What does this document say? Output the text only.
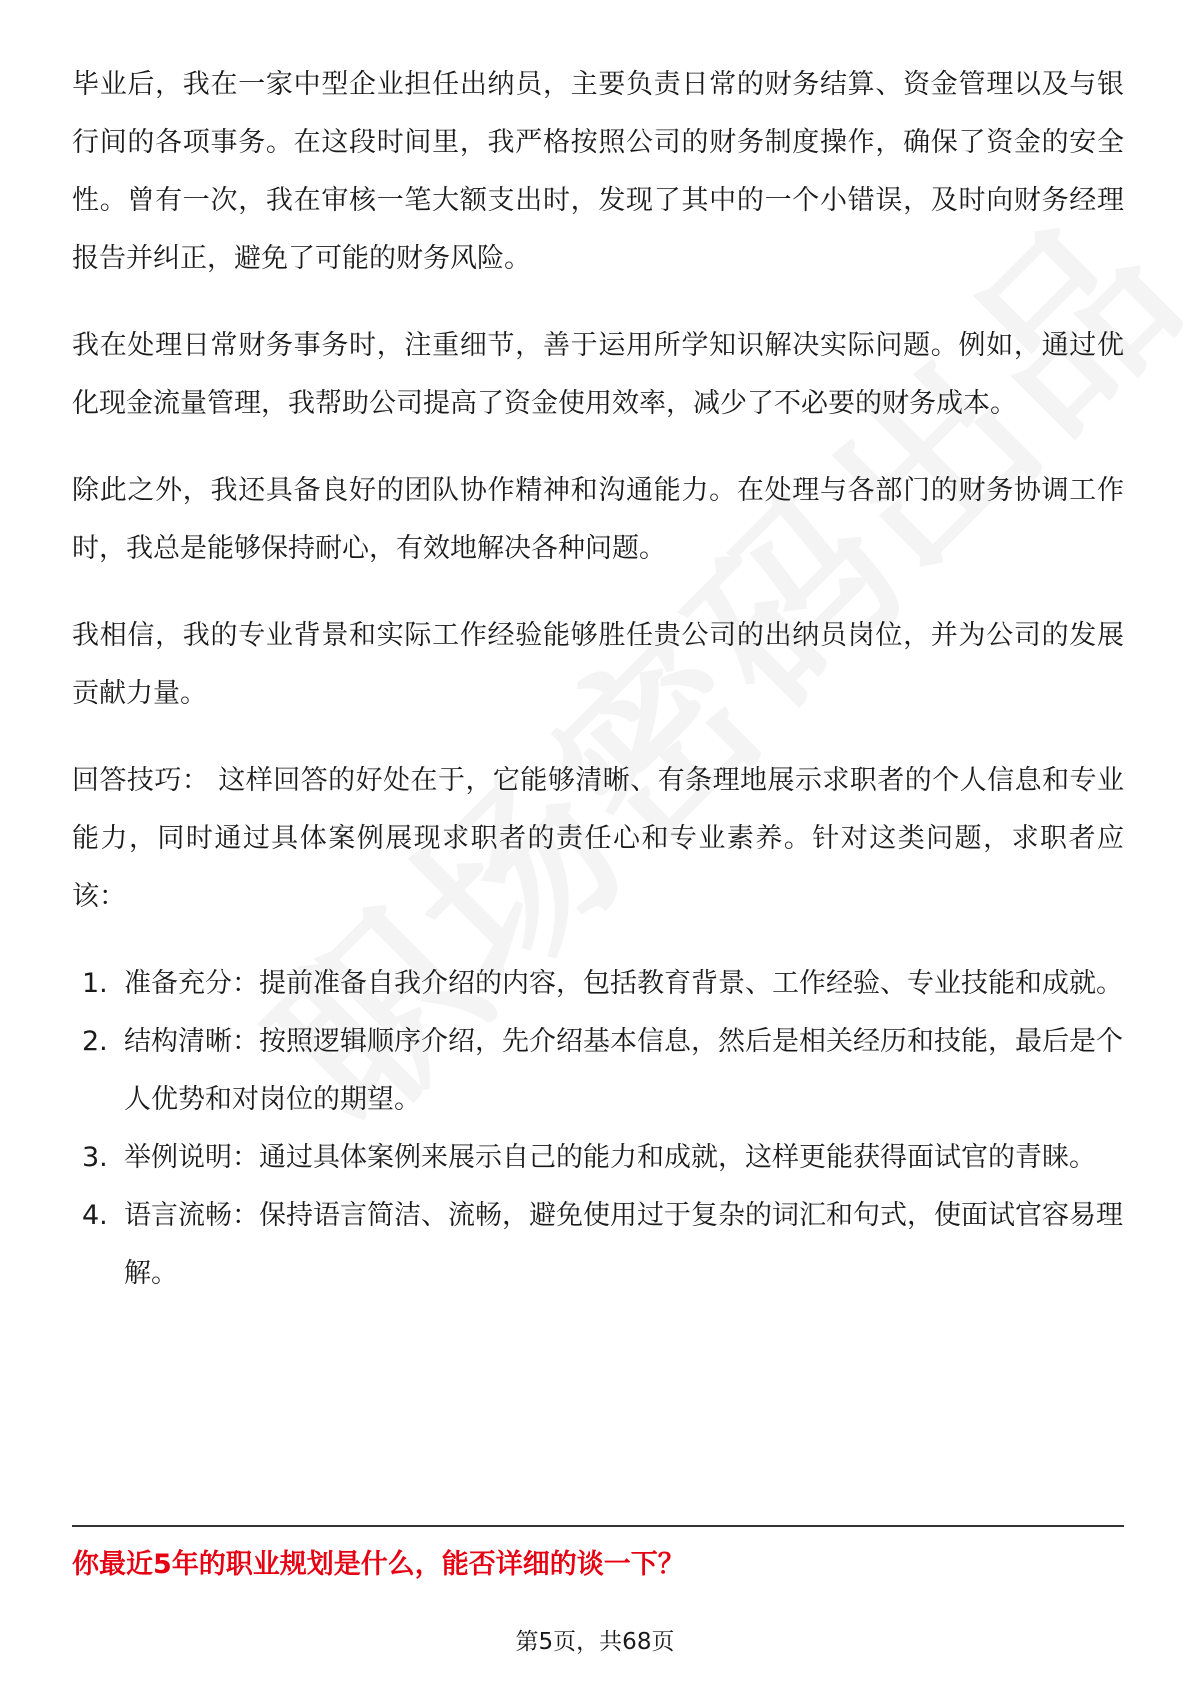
毕业后，我在一家中型企业担任出纳员，主要负责日常的财务结算、资金管理以及与银行间的各项事务。在这段时间里，我严格按照公司的财务制度操作，确保了资金的安全性。曾有一次，我在审核一笔大额支出时，发现了其中的一个小错误，及时向财务经理报告并纠正，避免了可能的财务风险。

我在处理日常财务事务时，注重细节，善于运用所学知识解决实际问题。例如，通过优化现金流量管理，我帮助公司提高了资金使用效率，减少了不必要的财务成本。

除此之外，我还具备良好的团队协作精神和沟通能力。在处理与各部门的财务协调工作时，我总是能够保持耐心，有效地解决各种问题。

我相信，我的专业背景和实际工作经验能够胜任贵公司的出纳员岗位，并为公司的发展贡献力量。

回答技巧： 这样回答的好处在于，它能够清晰、有条理地展示求职者的个人信息和专业能力，同时通过具体案例展现求职者的责任心和专业素养。针对这类问题，求职者应该：

1. 准备充分：提前准备自我介绍的内容，包括教育背景、工作经验、专业技能和成就。
2. 结构清晰：按照逻辑顺序介绍，先介绍基本信息，然后是相关经历和技能，最后是个人优势和对岗位的期望。
3. 举例说明：通过具体案例来展示自己的能力和成就，这样更能获得面试官的青睐。
4. 语言流畅：保持语言简洁、流畅，避免使用过于复杂的词汇和句式，使面试官容易理解。
你最近5年的职业规划是什么，能否详细的谈一下？
第5页，共68页
